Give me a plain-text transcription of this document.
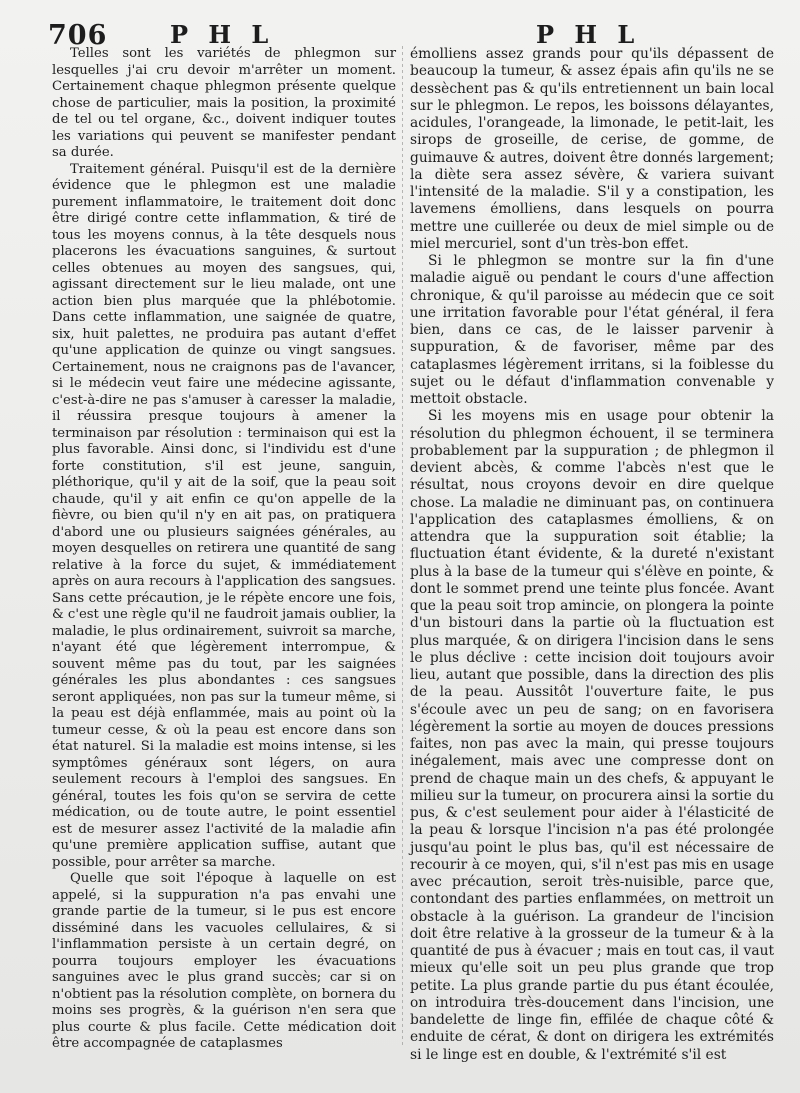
706	P H L	P H L

Telles sont les variétés de phlegmon sur lesquelles j'ai cru devoir m'arrêter un moment. Certainement chaque phlegmon présente quelque chose de particulier, mais la position, la proximité de tel ou tel organe, &c., doivent indiquer toutes les variations qui peuvent se manifester pendant sa durée.

Traitement général. Puisqu'il est de la dernière évidence que le phlegmon est une maladie purement inflammatoire, le traitement doit donc être dirigé contre cette inflammation, & tiré de tous les moyens connus, à la tête desquels nous placerons les évacuations sanguines, & surtout celles obtenues au moyen des sangsues, qui, agissant directement sur le lieu malade, ont une action bien plus marquée que la phlébotomie. Dans cette inflammation, une saignée de quatre, six, huit palettes, ne produira pas autant d'effet qu'une application de quinze ou vingt sangsues. Certainement, nous ne craignons pas de l'avancer, si le médecin veut faire une médecine agissante, c'est-à-dire ne pas s'amuser à caresser la maladie, il réussira presque toujours à amener la terminaison par résolution : terminaison qui est la plus favorable. Ainsi donc, si l'individu est d'une forte constitution, s'il est jeune, sanguin, pléthorique, qu'il y ait de la soif, que la peau soit chaude, qu'il y ait enfin ce qu'on appelle de la fièvre, ou bien qu'il n'y en ait pas, on pratiquera d'abord une ou plusieurs saignées générales, au moyen desquelles on retirera une quantité de sang relative à la force du sujet, & immédiatement après on aura recours à l'application des sangsues. Sans cette précaution, je le répète encore une fois, & c'est une règle qu'il ne faudroit jamais oublier, la maladie, le plus ordinairement, suivroit sa marche, n'ayant été que légèrement interrompue, & souvent même pas du tout, par les saignées générales les plus abondantes : ces sangsues seront appliquées, non pas sur la tumeur même, si la peau est déjà enflammée, mais au point où la tumeur cesse, & où la peau est encore dans son état naturel. Si la maladie est moins intense, si les symptômes généraux sont légers, on aura seulement recours à l'emploi des sangsues. En général, toutes les fois qu'on se servira de cette médication, ou de toute autre, le point essentiel est de mesurer assez l'activité de la maladie afin qu'une première application suffise, autant que possible, pour arrêter sa marche.

Quelle que soit l'époque à laquelle on est appelé, si la suppuration n'a pas envahi une grande partie de la tumeur, si le pus est encore disséminé dans les vacuoles cellulaires, & si l'inflammation persiste à un certain degré, on pourra toujours employer les évacuations sanguines avec le plus grand succès; car si on n'obtient pas la résolution complète, on bornera du moins ses progrès, & la guérison n'en sera que plus courte & plus facile. Cette médication doit être accompagnée de cataplasmes

émolliens assez grands pour qu'ils dépassent de beaucoup la tumeur, & assez épais afin qu'ils ne se dessèchent pas & qu'ils entretiennent un bain local sur le phlegmon. Le repos, les boissons délayantes, acidules, l'orangeade, la limonade, le petit-lait, les sirops de groseille, de cerise, de gomme, de guimauve & autres, doivent être donnés largement; la diète sera assez sévère, & variera suivant l'intensité de la maladie. S'il y a constipation, les lavemens émolliens, dans lesquels on pourra mettre une cuillerée ou deux de miel simple ou de miel mercuriel, sont d'un très-bon effet.

Si le phlegmon se montre sur la fin d'une maladie aiguë ou pendant le cours d'une affection chronique, & qu'il paroisse au médecin que ce soit une irritation favorable pour l'état général, il fera bien, dans ce cas, de le laisser parvenir à suppuration, & de favoriser, même par des cataplasmes légèrement irritans, si la foiblesse du sujet ou le défaut d'inflammation convenable y mettoit obstacle.

Si les moyens mis en usage pour obtenir la résolution du phlegmon échouent, il se terminera probablement par la suppuration ; de phlegmon il devient abcès, & comme l'abcès n'est que le résultat, nous croyons devoir en dire quelque chose. La maladie ne diminuant pas, on continuera l'application des cataplasmes émolliens, & on attendra que la suppuration soit établie; la fluctuation étant évidente, & la dureté n'existant plus à la base de la tumeur qui s'élève en pointe, & dont le sommet prend une teinte plus foncée. Avant que la peau soit trop amincie, on plongera la pointe d'un bistouri dans la partie où la fluctuation est plus marquée, & on dirigera l'incision dans le sens le plus déclive : cette incision doit toujours avoir lieu, autant que possible, dans la direction des plis de la peau. Aussitôt l'ouverture faite, le pus s'écoule avec un peu de sang; on en favorisera légèrement la sortie au moyen de douces pressions faites, non pas avec la main, qui presse toujours inégalement, mais avec une compresse dont on prend de chaque main un des chefs, & appuyant le milieu sur la tumeur, on procurera ainsi la sortie du pus, & c'est seulement pour aider à l'élasticité de la peau & lorsque l'incision n'a pas été prolongée jusqu'au point le plus bas, qu'il est nécessaire de recourir à ce moyen, qui, s'il n'est pas mis en usage avec précaution, seroit très-nuisible, parce que, contondant des parties enflammées, on mettroit un obstacle à la guérison. La grandeur de l'incision doit être relative à la grosseur de la tumeur & à la quantité de pus à évacuer ; mais en tout cas, il vaut mieux qu'elle soit un peu plus grande que trop petite. La plus grande partie du pus étant écoulée, on introduira très-doucement dans l'incision, une bandelette de linge fin, effilée de chaque côté & enduite de cérat, & dont on dirigera les extrémités si le linge est en double, & l'extrémité s'il est
